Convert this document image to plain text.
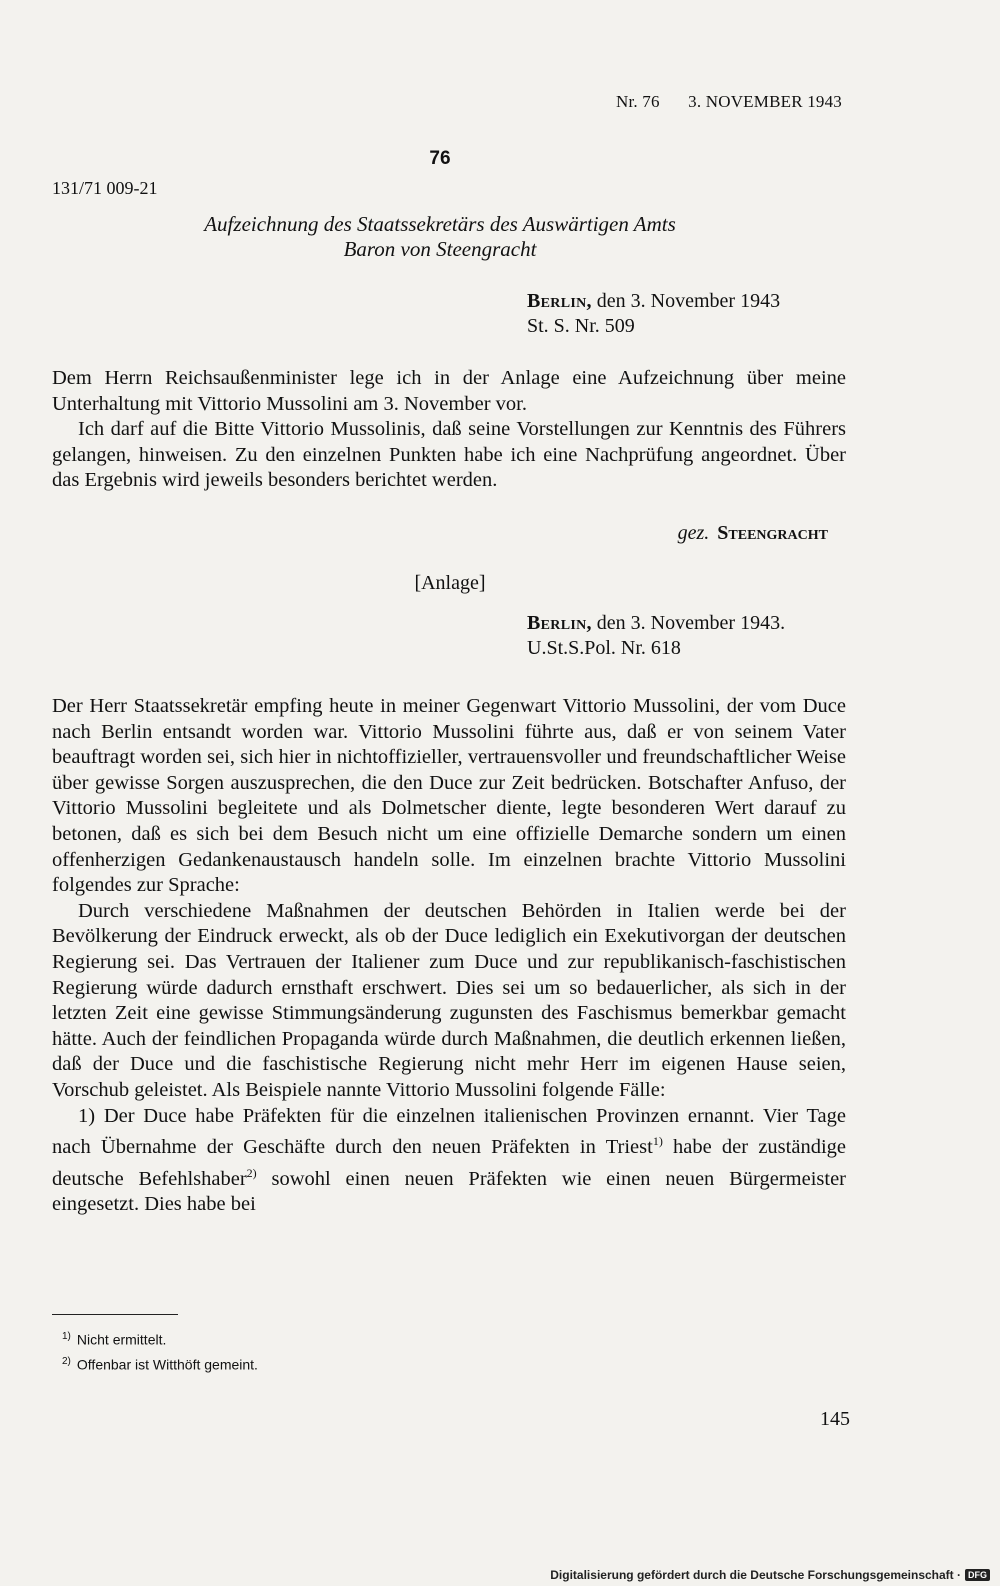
Nr. 76 3. NOVEMBER 1943
76
131/71 009-21
Aufzeichnung des Staatssekretärs des Auswärtigen Amts
Baron von Steengracht
Berlin, den 3. November 1943
St. S. Nr. 509
Dem Herrn Reichsaußenminister lege ich in der Anlage eine Aufzeichnung über meine Unterhaltung mit Vittorio Mussolini am 3. November vor.
Ich darf auf die Bitte Vittorio Mussolinis, daß seine Vorstellungen zur Kenntnis des Führers gelangen, hinweisen. Zu den einzelnen Punkten habe ich eine Nachprüfung angeordnet. Über das Ergebnis wird jeweils besonders berichtet werden.
gez. Steengracht
[Anlage]
Berlin, den 3. November 1943.
U.St.S.Pol. Nr. 618
Der Herr Staatssekretär empfing heute in meiner Gegenwart Vittorio Mussolini, der vom Duce nach Berlin entsandt worden war. Vittorio Mussolini führte aus, daß er von seinem Vater beauftragt worden sei, sich hier in nichtoffizieller, vertrauensvoller und freundschaftlicher Weise über gewisse Sorgen auszusprechen, die den Duce zur Zeit bedrücken. Botschafter Anfuso, der Vittorio Mussolini begleitete und als Dolmetscher diente, legte besonderen Wert darauf zu betonen, daß es sich bei dem Besuch nicht um eine offizielle Demarche sondern um einen offenherzigen Gedankenaustausch handeln solle. Im einzelnen brachte Vittorio Mussolini folgendes zur Sprache:
Durch verschiedene Maßnahmen der deutschen Behörden in Italien werde bei der Bevölkerung der Eindruck erweckt, als ob der Duce lediglich ein Exekutivorgan der deutschen Regierung sei. Das Vertrauen der Italiener zum Duce und zur republikanisch-faschistischen Regierung würde dadurch ernsthaft erschwert. Dies sei um so bedauerlicher, als sich in der letzten Zeit eine gewisse Stimmungsänderung zugunsten des Faschismus bemerkbar gemacht hätte. Auch der feindlichen Propaganda würde durch Maßnahmen, die deutlich erkennen ließen, daß der Duce und die faschistische Regierung nicht mehr Herr im eigenen Hause seien, Vorschub geleistet. Als Beispiele nannte Vittorio Mussolini folgende Fälle:
1) Der Duce habe Präfekten für die einzelnen italienischen Provinzen ernannt. Vier Tage nach Übernahme der Geschäfte durch den neuen Präfekten in Triest$^{1)}$ habe der zuständige deutsche Befehlshaber$^{2)}$ sowohl einen neuen Präfekten wie einen neuen Bürgermeister eingesetzt. Dies habe bei
$^{1)}$ Nicht ermittelt.
$^{2)}$ Offenbar ist Witthöft gemeint.
145
Digitalisierung gefördert durch die Deutsche Forschungsgemeinschaft · DFG
